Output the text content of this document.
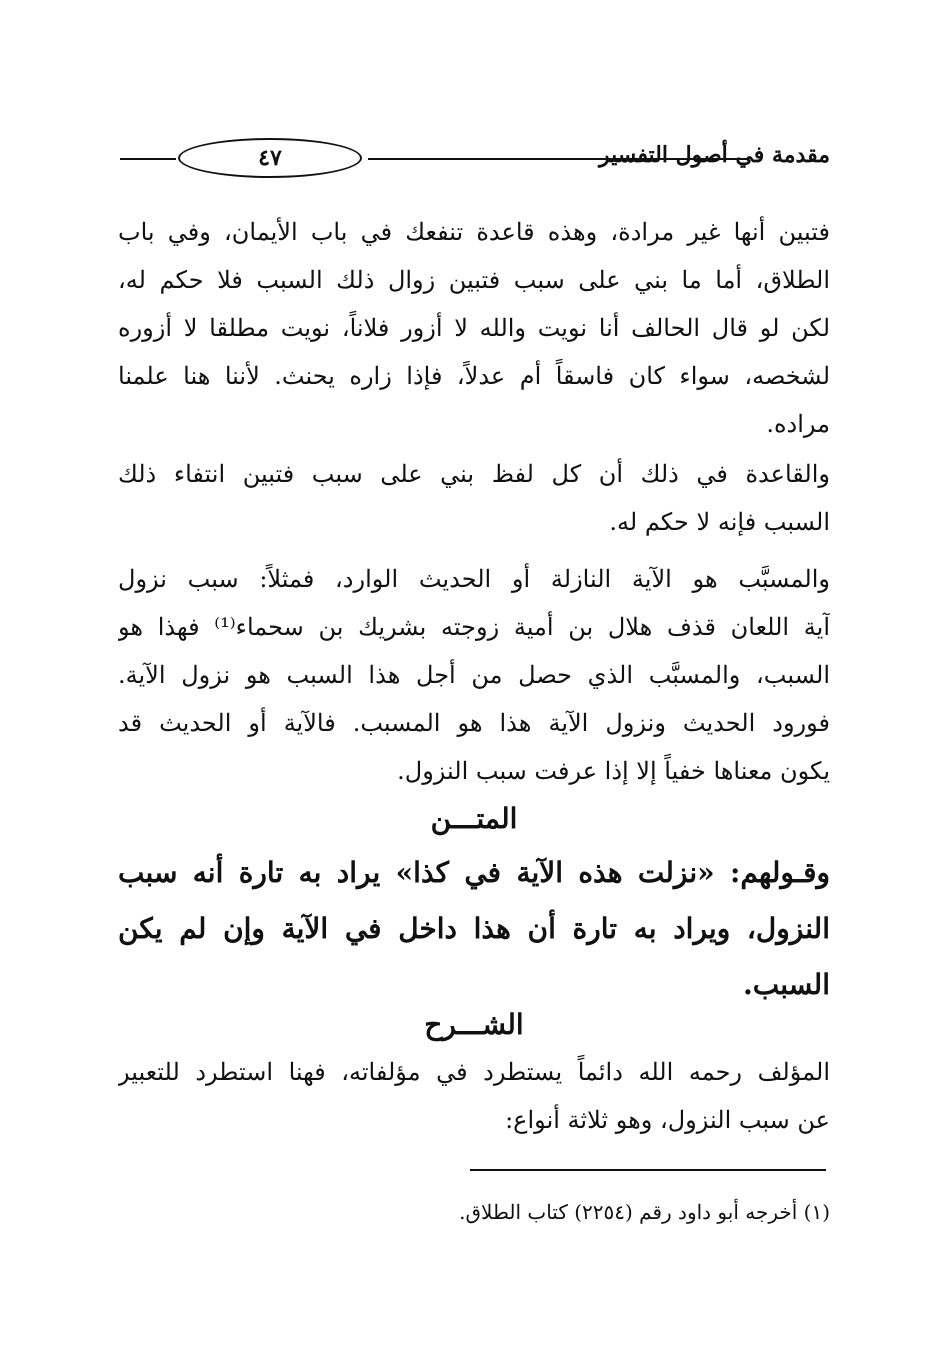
٤٧	مقدمة في أصول التفسير
فتبين أنها غير مرادة، وهذه قاعدة تنفعك في باب الأيمان، وفي باب
الطلاق، أما ما بني على سبب فتبين زوال ذلك السبب فلا حكم له،
لكن لو قال الحالف أنا نويت والله لا أزور فلاناً، نويت مطلقا لا أزوره
لشخصه، سواء كان فاسقاً أم عدلاً، فإذا زاره يحنث. لأننا هنا علمنا
مراده.
والقاعدة في ذلك أن كل لفظ بني على سبب فتبين انتفاء ذلك
السبب فإنه لا حكم له.
والمسبَّب هو الآية النازلة أو الحديث الوارد، فمثلاً: سبب نزول
آية اللعان قذف هلال بن أمية زوجته بشريك بن سحماء⁽¹⁾ فهذا هو
السبب، والمسبَّب الذي حصل من أجل هذا السبب هو نزول الآية.
فورود الحديث ونزول الآية هذا هو المسبب. فالآية أو الحديث قد
يكون معناها خفياً إلا إذا عرفت سبب النزول.
المتـــن
وقـولهم: «نزلت هذه الآية في كذا» يراد به تارة أنه سبب
النزول، ويراد به تارة أن هذا داخل في الآية وإن لم يكن
السبب.
الشـــرح
المؤلف رحمه الله دائماً يستطرد في مؤلفاته، فهنا استطرد للتعبير
عن سبب النزول، وهو ثلاثة أنواع:
(١) أخرجه أبو داود رقم (٢٢٥٤) كتاب الطلاق.
